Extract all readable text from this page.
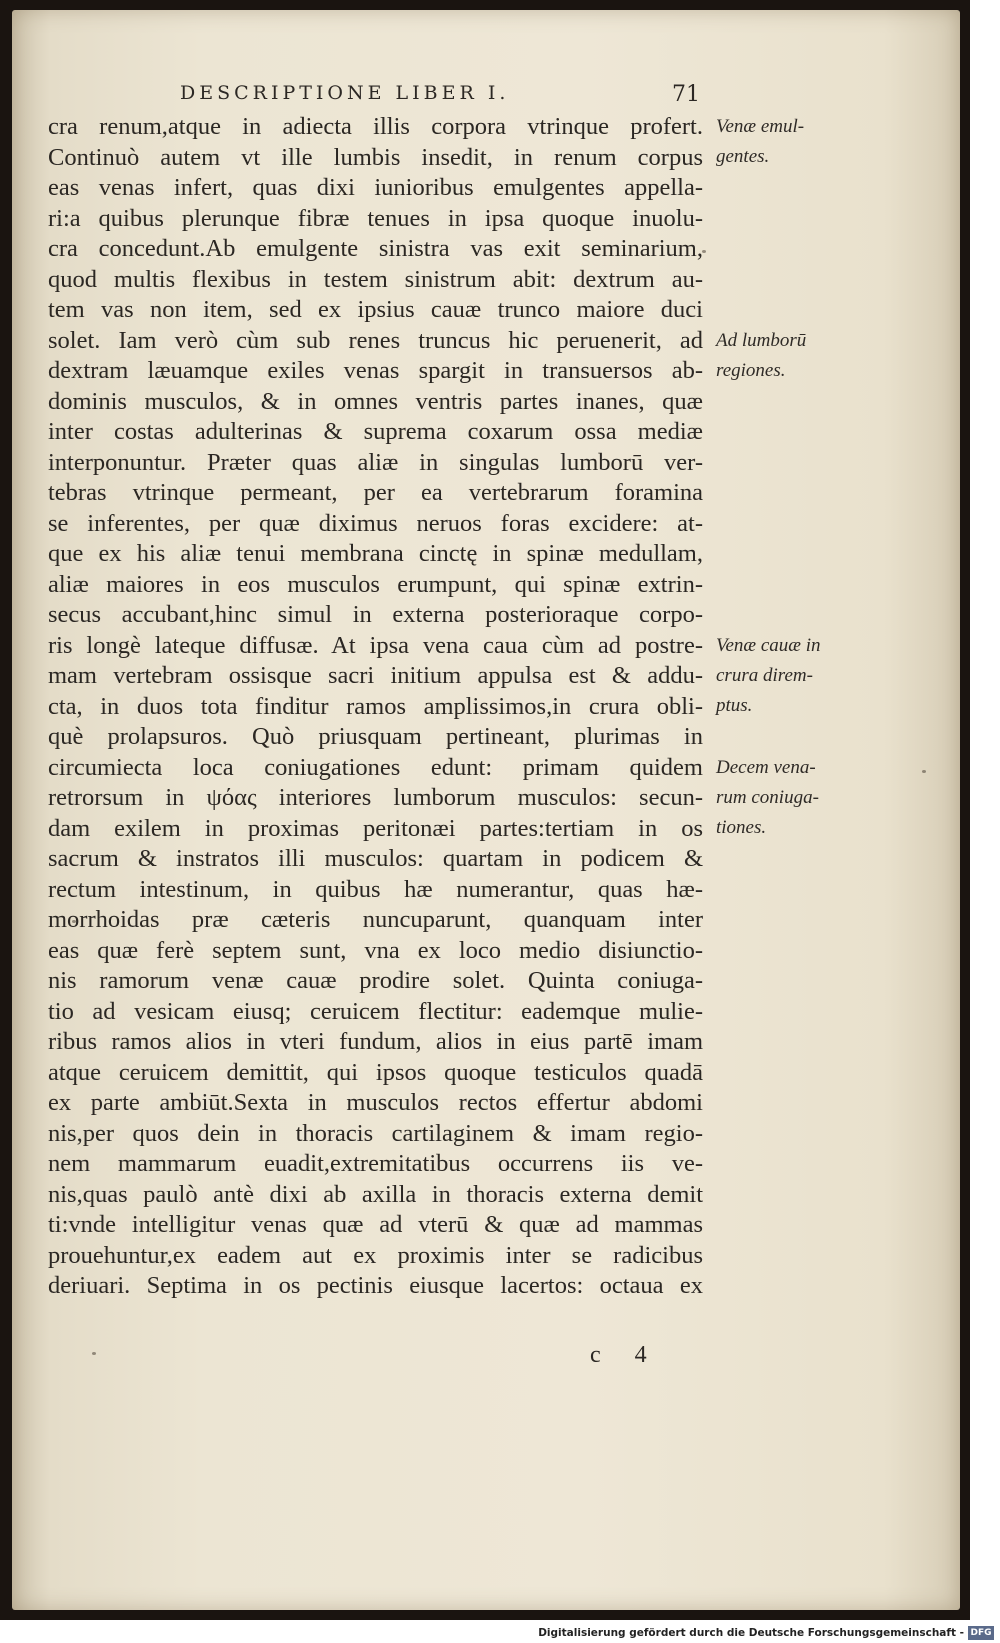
DESCRIPTIONE LIBER I.	71
cra renum,atque in adiecta illis corpora vtrinque profert.
Continuò autem vt ille lumbis insedit, in renum corpus
eas venas infert, quas dixi iunioribus emulgentes appella-
ri:a quibus plerunque fibræ tenues in ipsa quoque inuolu-
cra concedunt.Ab emulgente sinistra vas exit seminarium,
quod multis flexibus in testem sinistrum abit: dextrum au-
tem vas non item, sed ex ipsius cauæ trunco maiore duci
solet. Iam verò cùm sub renes truncus hic peruenerit, ad
dextram læuamque exiles venas spargit in transuersos ab-
dominis musculos, & in omnes ventris partes inanes, quæ
inter costas adulterinas & suprema coxarum ossa mediæ
interponuntur. Præter quas aliæ in singulas lumborū ver-
tebras vtrinque permeant, per ea vertebrarum foramina
se inferentes, per quæ diximus neruos foras excidere: at-
que ex his aliæ tenui membrana cinctę in spinæ medullam,
aliæ maiores in eos musculos erumpunt, qui spinæ extrin-
secus accubant,hinc simul in externa posterioraque corpo-
ris longè lateque diffusæ. At ipsa vena caua cùm ad postre-
mam vertebram ossisque sacri initium appulsa est & addu-
cta, in duos tota finditur ramos amplissimos,in crura obli-
què prolapsuros. Quò priusquam pertineant, plurimas in
circumiecta loca coniugationes edunt: primam quidem
retrorsum in ψόας interiores lumborum musculos: secun-
dam exilem in proximas peritonæi partes:tertiam in os
sacrum & instratos illi musculos: quartam in podicem &
rectum intestinum, in quibus hæ numerantur, quas hæ-
morrhoidas præ cæteris nuncuparunt, quanquam inter
eas quæ ferè septem sunt, vna ex loco medio disiunctio-
nis ramorum venæ cauæ prodire solet. Quinta coniuga-
tio ad vesicam eiusq; ceruicem flectitur: eademque mulie-
ribus ramos alios in vteri fundum, alios in eius partē imam
atque ceruicem demittit, qui ipsos quoque testiculos quadā
ex parte ambiūt.Sexta in musculos rectos effertur abdomi
nis,per quos dein in thoracis cartilaginem & imam regio-
nem mammarum euadit,extremitatibus occurrens iis ve-
nis,quas paulò antè dixi ab axilla in thoracis externa demit
ti:vnde intelligitur venas quæ ad vterū & quæ ad mammas
prouehuntur,ex eadem aut ex proximis inter se radicibus
deriuari. Septima in os pectinis eiusque lacertos: octaua ex
Venæ emul-
gentes.
Ad lumborū
regiones.
Venæ cauæ in
crura direm-
ptus.
Decem vena-
rum coniuga-
tiones.
c 4
Digitalisierung gefördert durch die Deutsche Forschungsgemeinschaft - DFG
